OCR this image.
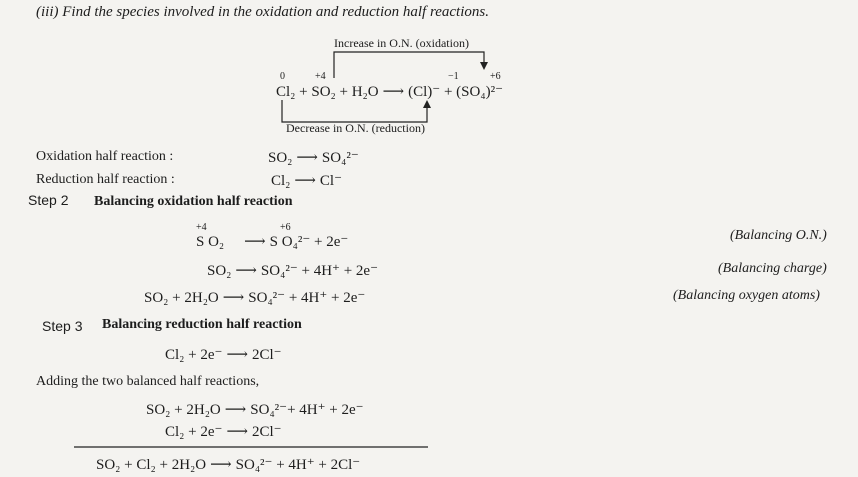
(iii) Find the species involved in the oxidation and reduction half reactions.
Increase in O.N. (oxidation)
0	+4	−1	+6
Cl₂ + SO₂ + H₂O ⟶ (Cl)⁻ + (SO₄)²⁻
Decrease in O.N. (reduction)
Oxidation half reaction :	SO₂ ⟶ SO₄²⁻
Reduction half reaction :	Cl₂ ⟶ Cl⁻
Step 2 Balancing oxidation half reaction
+4	+6
S O₂ ⟶ S O₄²⁻ + 2e⁻	(Balancing O.N.)
SO₂ ⟶ SO₄²⁻ + 4H⁺ + 2e⁻	(Balancing charge)
SO₂ + 2H₂O ⟶ SO₄²⁻ + 4H⁺ + 2e⁻	(Balancing oxygen atoms)
Step 3 Balancing reduction half reaction
Cl₂ + 2e⁻ ⟶ 2Cl⁻
Adding the two balanced half reactions,
SO₂ + 2H₂O ⟶ SO₄²⁻+ 4H⁺ + 2e⁻
Cl₂ + 2e⁻ ⟶ 2Cl⁻
SO₂ + Cl₂ + 2H₂O ⟶ SO₄²⁻ + 4H⁺ + 2Cl⁻
